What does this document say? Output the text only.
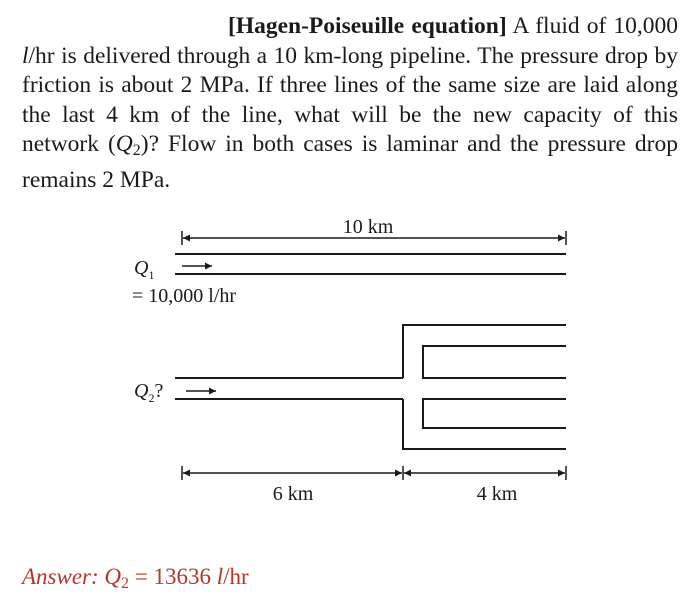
[Hagen-Poiseuille equation] A fluid of 10,000 l/hr is delivered through a 10 km-long pipeline. The pressure drop by friction is about 2 MPa. If three lines of the same size are laid along the last 4 km of the line, what will be the new capacity of this network $(Q_2)$? Flow in both cases is laminar and the pressure drop remains 2 MPa.
10 km
$Q_1$
= 10,000 l/hr
$Q_2$?
6 km	4 km
Answer: $Q_2 = 13636$ l/hr
